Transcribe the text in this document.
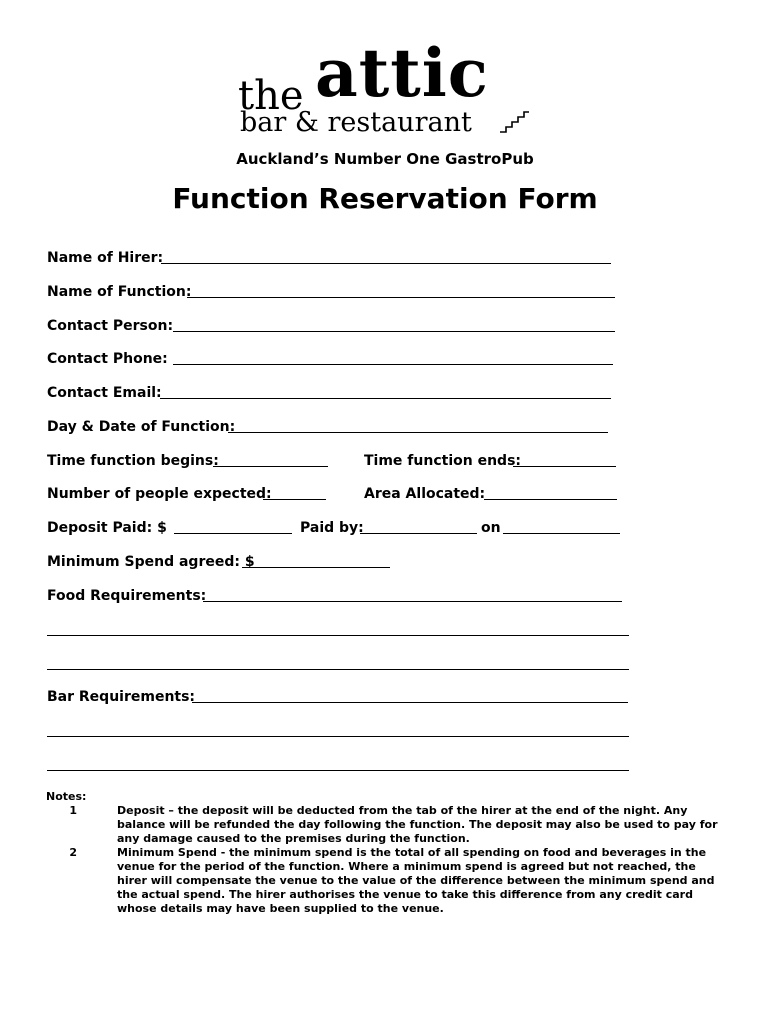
the attic
bar & restaurant
Auckland’s Number One GastroPub
Function Reservation Form
Name of Hirer:
Name of Function:
Contact Person:
Contact Phone:
Contact Email:
Day & Date of Function:
Time function begins:	Time function ends:
Number of people expected:	Area Allocated:
Deposit Paid: $	Paid by:	on
Minimum Spend agreed: $
Food Requirements:
Bar Requirements:
Notes:
1	Deposit – the deposit will be deducted from the tab of the hirer at the end of the night. Any balance will be refunded the day following the function. The deposit may also be used to pay for any damage caused to the premises during the function.
2	Minimum Spend - the minimum spend is the total of all spending on food and beverages in the venue for the period of the function. Where a minimum spend is agreed but not reached, the hirer will compensate the venue to the value of the difference between the minimum spend and the actual spend. The hirer authorises the venue to take this difference from any credit card whose details may have been supplied to the venue.
